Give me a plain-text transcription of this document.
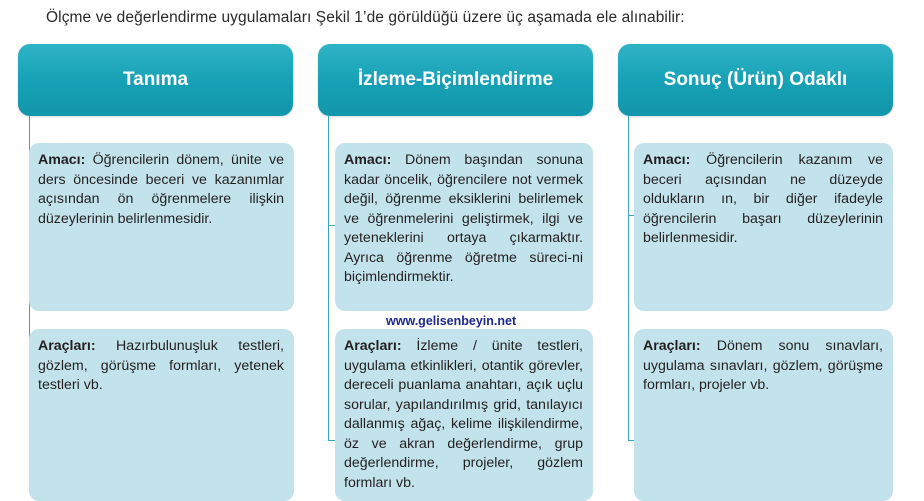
Ölçme ve değerlendirme uygulamaları Şekil 1’de görüldüğü üzere üç aşamada ele alınabilir:
Tanıma
Amacı: Öğrencilerin dönem, ünite ve ders öncesinde beceri ve kazanımlar açısından ön öğrenmelere ilişkin düzeylerinin belirlenmesidir.
Araçları: Hazırbulunuşluk testleri, gözlem, görüşme formları, yetenek testleri vb.
İzleme-Biçimlendirme
Amacı: Dönem başından sonuna kadar öncelik, öğrencilere not vermek değil, öğrenme eksiklerini belirlemek ve öğrenmelerini geliştirmek, ilgi ve yeteneklerini ortaya çıkarmaktır. Ayrıca öğrenme öğretme süreci-ni biçimlendirmektir.
Araçları: İzleme / ünite testleri, uygulama etkinlikleri, otantik görevler, dereceli puanlama anahtarı, açık uçlu sorular, yapılandırılmış grid, tanılayıcı dallanmış ağaç, kelime ilişkilendirme, öz ve akran değerlendirme, grup değerlendirme, projeler, gözlem formları vb.
Sonuç (Ürün) Odaklı
Amacı: Öğrencilerin kazanım ve beceri açısından ne düzeyde oldukların ın, bir diğer ifadeyle öğrencilerin başarı düzeylerinin belirlenmesidir.
Araçları: Dönem sonu sınavları, uygulama sınavları, gözlem, görüşme formları, projeler vb.
www.gelisenbeyin.net
